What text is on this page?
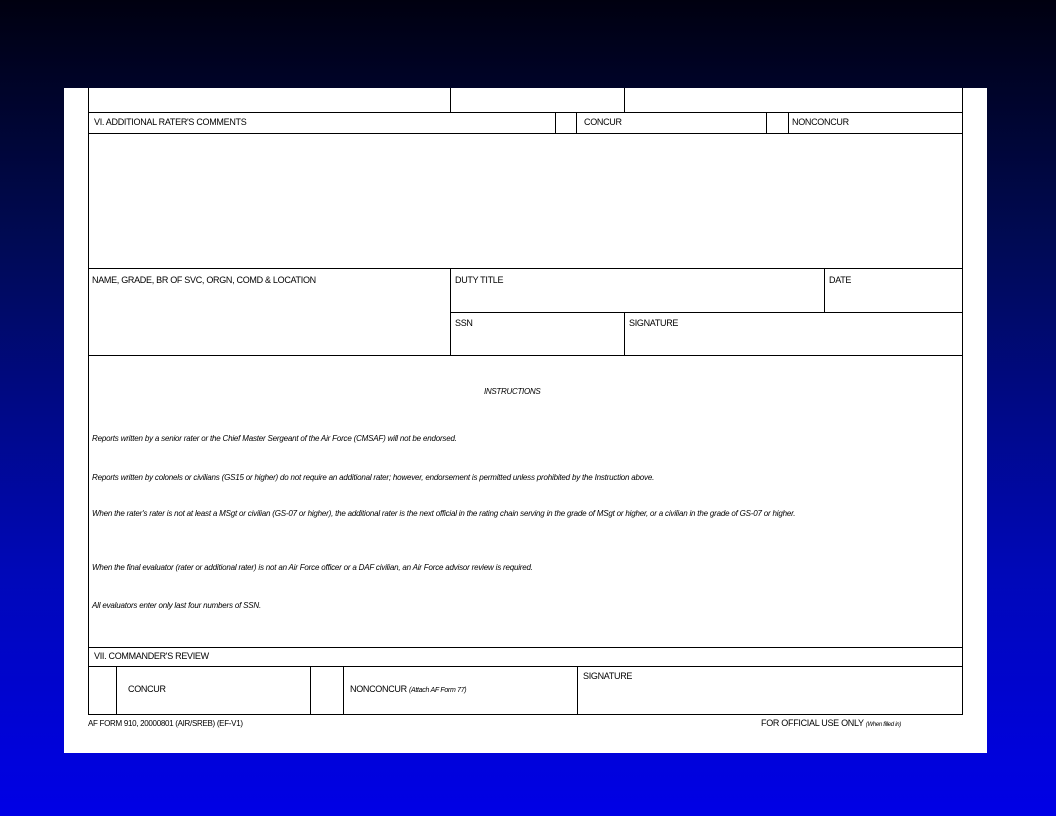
VI. ADDITIONAL RATER'S COMMENTS	CONCUR	NONCONCUR
NAME, GRADE, BR OF SVC, ORGN, COMD & LOCATION	DUTY TITLE	DATE
SSN	SIGNATURE
INSTRUCTIONS
Reports written by a senior rater or the Chief Master Sergeant of the Air Force (CMSAF) will not be endorsed.
Reports written by colonels or civilians (GS15 or higher) do not require an additional rater; however, endorsement is permitted unless prohibited by the Instruction above.
When the rater's rater is not at least a MSgt or civilian (GS-07 or higher), the additional rater is the next official in the rating chain serving in the grade of MSgt or higher, or a civilian in the grade of GS-07 or higher.
When the final evaluator (rater or additional rater) is not an Air Force officer or a DAF civilian, an Air Force advisor review is required.
All evaluators enter only last four numbers of SSN.
VII. COMMANDER'S REVIEW
CONCUR	NONCONCUR (Attach AF Form 77)
SIGNATURE
AF FORM 910, 20000801 (AIR/SREB) (EF-V1)	FOR OFFICIAL USE ONLY (When filled in)
